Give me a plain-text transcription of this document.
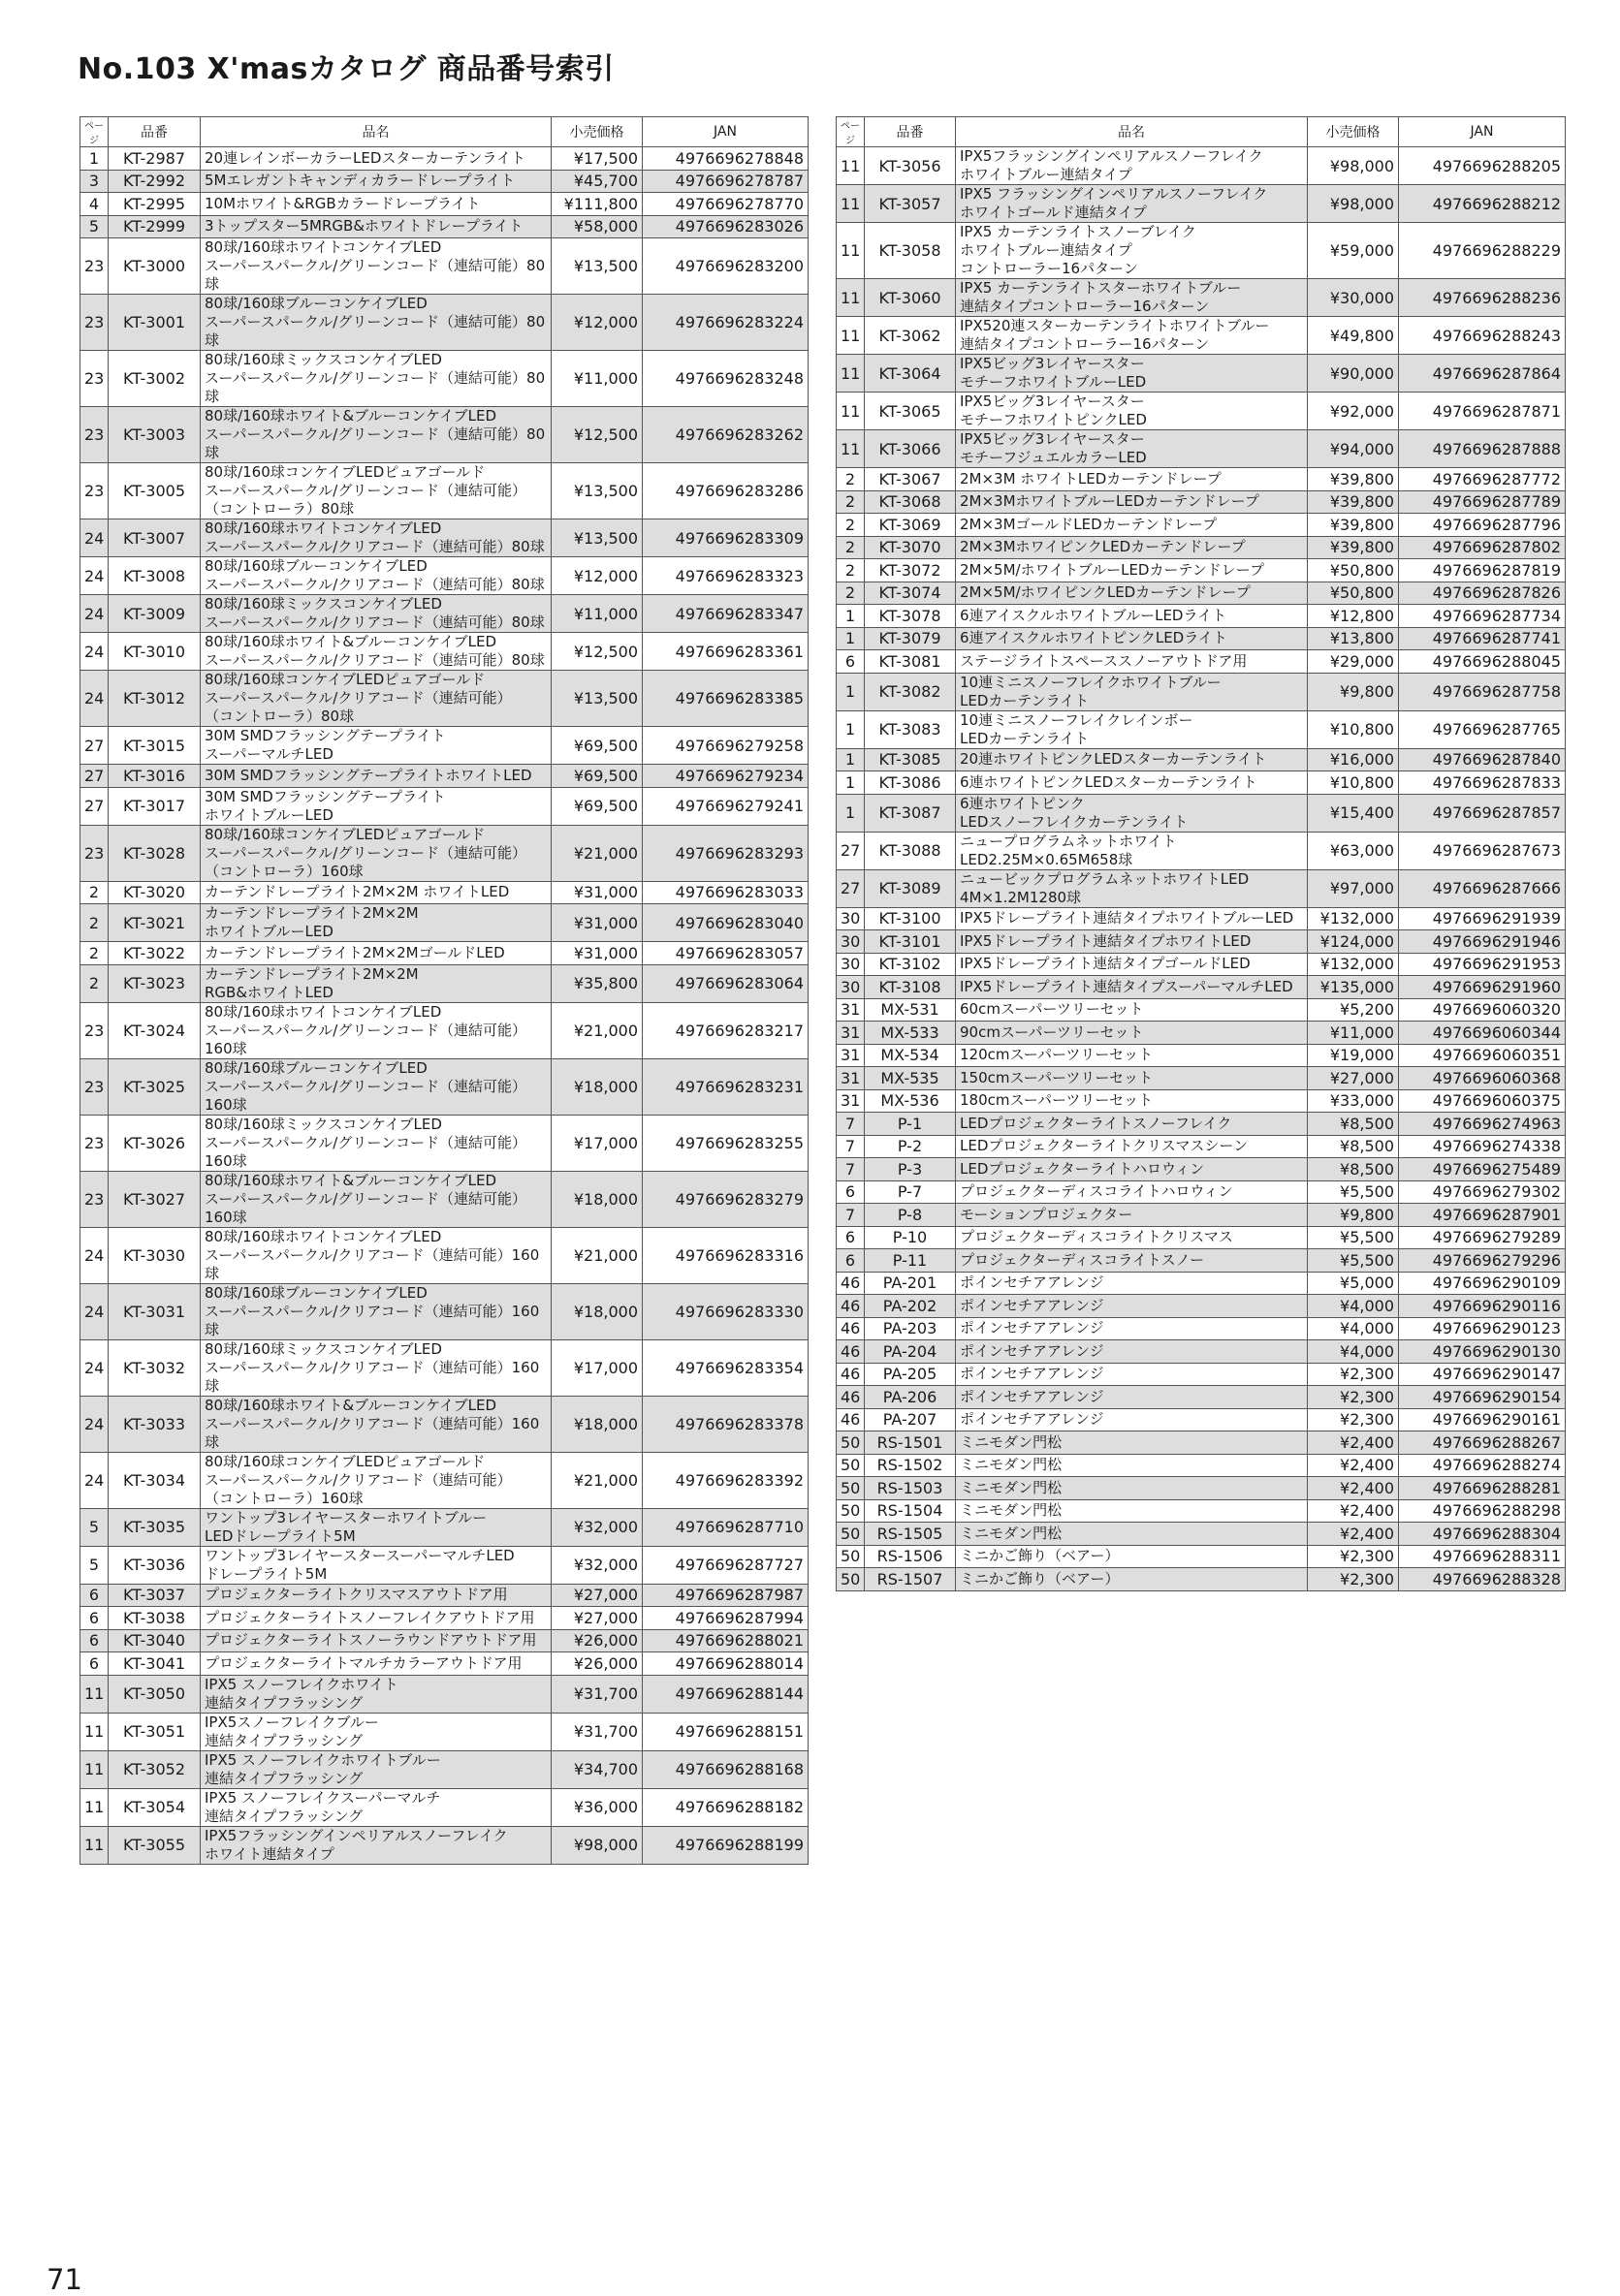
No.103 X'masカタログ 商品番号索引
ページ	品番	品名	小売価格	JAN
1	KT-2987	20連レインボーカラーLEDスターカーテンライト	¥17,500	4976696278848
3	KT-2992	5Mエレガントキャンディカラードレープライト	¥45,700	4976696278787
4	KT-2995	10Mホワイト&RGBカラードレープライト	¥111,800	4976696278770
5	KT-2999	3トップスター5MRGB&ホワイトドレープライト	¥58,000	4976696283026
23	KT-3000	80球/160球ホワイトコンケイブLED
スーパースパークル/グリーンコード（連結可能）80球	¥13,500	4976696283200
23	KT-3001	80球/160球ブルーコンケイブLED
スーパースパークル/グリーンコード（連結可能）80球	¥12,000	4976696283224
23	KT-3002	80球/160球ミックスコンケイブLED
スーパースパークル/グリーンコード（連結可能）80球	¥11,000	4976696283248
23	KT-3003	80球/160球ホワイト&ブルーコンケイブLED
スーパースパークル/グリーンコード（連結可能）80球	¥12,500	4976696283262
23	KT-3005	80球/160球コンケイブLEDピュアゴールド
スーパースパークル/グリーンコード（連結可能）
（コントローラ）80球	¥13,500	4976696283286
24	KT-3007	80球/160球ホワイトコンケイブLED
スーパースパークル/クリアコード（連結可能）80球	¥13,500	4976696283309
24	KT-3008	80球/160球ブルーコンケイブLED
スーパースパークル/クリアコード（連結可能）80球	¥12,000	4976696283323
24	KT-3009	80球/160球ミックスコンケイブLED
スーパースパークル/クリアコード（連結可能）80球	¥11,000	4976696283347
24	KT-3010	80球/160球ホワイト&ブルーコンケイブLED
スーパースパークル/クリアコード（連結可能）80球	¥12,500	4976696283361
24	KT-3012	80球/160球コンケイブLEDピュアゴールド
スーパースパークル/クリアコード（連結可能）
（コントローラ）80球	¥13,500	4976696283385
27	KT-3015	30M SMDフラッシングテープライト
スーパーマルチLED	¥69,500	4976696279258
27	KT-3016	30M SMDフラッシングテープライトホワイトLED	¥69,500	4976696279234
27	KT-3017	30M SMDフラッシングテープライト
ホワイトブルーLED	¥69,500	4976696279241
23	KT-3028	80球/160球コンケイブLEDピュアゴールド
スーパースパークル/グリーンコード（連結可能）
（コントローラ）160球	¥21,000	4976696283293
2	KT-3020	カーテンドレープライト2M×2M ホワイトLED	¥31,000	4976696283033
2	KT-3021	カーテンドレープライト2M×2M
ホワイトブルーLED	¥31,000	4976696283040
2	KT-3022	カーテンドレープライト2M×2MゴールドLED	¥31,000	4976696283057
2	KT-3023	カーテンドレープライト2M×2M
RGB&ホワイトLED	¥35,800	4976696283064
23	KT-3024	80球/160球ホワイトコンケイブLED
スーパースパークル/グリーンコード（連結可能）160球	¥21,000	4976696283217
23	KT-3025	80球/160球ブルーコンケイブLED
スーパースパークル/グリーンコード（連結可能）160球	¥18,000	4976696283231
23	KT-3026	80球/160球ミックスコンケイブLED
スーパースパークル/グリーンコード（連結可能）160球	¥17,000	4976696283255
23	KT-3027	80球/160球ホワイト&ブルーコンケイブLED
スーパースパークル/グリーンコード（連結可能）160球	¥18,000	4976696283279
24	KT-3030	80球/160球ホワイトコンケイブLED
スーパースパークル/クリアコード（連結可能）160球	¥21,000	4976696283316
24	KT-3031	80球/160球ブルーコンケイブLED
スーパースパークル/クリアコード（連結可能）160球	¥18,000	4976696283330
24	KT-3032	80球/160球ミックスコンケイブLED
スーパースパークル/クリアコード（連結可能）160球	¥17,000	4976696283354
24	KT-3033	80球/160球ホワイト&ブルーコンケイブLED
スーパースパークル/クリアコード（連結可能）160球	¥18,000	4976696283378
24	KT-3034	80球/160球コンケイブLEDピュアゴールド
スーパースパークル/クリアコード（連結可能）
（コントローラ）160球	¥21,000	4976696283392
5	KT-3035	ワントップ3レイヤースターホワイトブルー
LEDドレープライト5M	¥32,000	4976696287710
5	KT-3036	ワントップ3レイヤースタースーパーマルチLED
ドレープライト5M	¥32,000	4976696287727
6	KT-3037	プロジェクターライトクリスマスアウトドア用	¥27,000	4976696287987
6	KT-3038	プロジェクターライトスノーフレイクアウトドア用	¥27,000	4976696287994
6	KT-3040	プロジェクターライトスノーラウンドアウトドア用	¥26,000	4976696288021
6	KT-3041	プロジェクターライトマルチカラーアウトドア用	¥26,000	4976696288014
11	KT-3050	IPX5 スノーフレイクホワイト
連結タイプフラッシング	¥31,700	4976696288144
11	KT-3051	IPX5スノーフレイクブルー
連結タイプフラッシング	¥31,700	4976696288151
11	KT-3052	IPX5 スノーフレイクホワイトブルー
連結タイプフラッシング	¥34,700	4976696288168
11	KT-3054	IPX5 スノーフレイクスーパーマルチ
連結タイプフラッシング	¥36,000	4976696288182
11	KT-3055	IPX5フラッシングインペリアルスノーフレイク
ホワイト連結タイプ	¥98,000	4976696288199
ページ	品番	品名	小売価格	JAN
11	KT-3056	IPX5フラッシングインペリアルスノーフレイク
ホワイトブルー連結タイプ	¥98,000	4976696288205
11	KT-3057	IPX5 フラッシングインペリアルスノーフレイク
ホワイトゴールド連結タイプ	¥98,000	4976696288212
11	KT-3058	IPX5 カーテンライトスノーブレイク
ホワイトブルー連結タイプ
コントローラー16パターン	¥59,000	4976696288229
11	KT-3060	IPX5 カーテンライトスターホワイトブルー
連結タイプコントローラー16パターン	¥30,000	4976696288236
11	KT-3062	IPX520連スターカーテンライトホワイトブルー
連結タイプコントローラー16パターン	¥49,800	4976696288243
11	KT-3064	IPX5ビッグ3レイヤースター
モチーフホワイトブルーLED	¥90,000	4976696287864
11	KT-3065	IPX5ビッグ3レイヤースター
モチーフホワイトピンクLED	¥92,000	4976696287871
11	KT-3066	IPX5ビッグ3レイヤースター
モチーフジュエルカラーLED	¥94,000	4976696287888
2	KT-3067	2M×3M ホワイトLEDカーテンドレープ	¥39,800	4976696287772
2	KT-3068	2M×3MホワイトブルーLEDカーテンドレープ	¥39,800	4976696287789
2	KT-3069	2M×3MゴールドLEDカーテンドレープ	¥39,800	4976696287796
2	KT-3070	2M×3MホワイピンクLEDカーテンドレープ	¥39,800	4976696287802
2	KT-3072	2M×5M/ホワイトブルーLEDカーテンドレープ	¥50,800	4976696287819
2	KT-3074	2M×5M/ホワイピンクLEDカーテンドレープ	¥50,800	4976696287826
1	KT-3078	6連アイスクルホワイトブルーLEDライト	¥12,800	4976696287734
1	KT-3079	6連アイスクルホワイトピンクLEDライト	¥13,800	4976696287741
6	KT-3081	ステージライトスペーススノーアウトドア用	¥29,000	4976696288045
1	KT-3082	10連ミニスノーフレイクホワイトブルー
LEDカーテンライト	¥9,800	4976696287758
1	KT-3083	10連ミニスノーフレイクレインボー
LEDカーテンライト	¥10,800	4976696287765
1	KT-3085	20連ホワイトピンクLEDスターカーテンライト	¥16,000	4976696287840
1	KT-3086	6連ホワイトピンクLEDスターカーテンライト	¥10,800	4976696287833
1	KT-3087	6連ホワイトピンク
LEDスノーフレイクカーテンライト	¥15,400	4976696287857
27	KT-3088	ニュープログラムネットホワイト
LED2.25M×0.65M658球	¥63,000	4976696287673
27	KT-3089	ニュービックプログラムネットホワイトLED
4M×1.2M1280球	¥97,000	4976696287666
30	KT-3100	IPX5ドレープライト連結タイプホワイトブルーLED	¥132,000	4976696291939
30	KT-3101	IPX5ドレープライト連結タイプホワイトLED	¥124,000	4976696291946
30	KT-3102	IPX5ドレープライト連結タイプゴールドLED	¥132,000	4976696291953
30	KT-3108	IPX5ドレープライト連結タイプスーパーマルチLED	¥135,000	4976696291960
31	MX-531	60cmスーパーツリーセット	¥5,200	4976696060320
31	MX-533	90cmスーパーツリーセット	¥11,000	4976696060344
31	MX-534	120cmスーパーツリーセット	¥19,000	4976696060351
31	MX-535	150cmスーパーツリーセット	¥27,000	4976696060368
31	MX-536	180cmスーパーツリーセット	¥33,000	4976696060375
7	P-1	LEDプロジェクターライトスノーフレイク	¥8,500	4976696274963
7	P-2	LEDプロジェクターライトクリスマスシーン	¥8,500	4976696274338
7	P-3	LEDプロジェクターライトハロウィン	¥8,500	4976696275489
6	P-7	プロジェクターディスコライトハロウィン	¥5,500	4976696279302
7	P-8	モーションプロジェクター	¥9,800	4976696287901
6	P-10	プロジェクターディスコライトクリスマス	¥5,500	4976696279289
6	P-11	プロジェクターディスコライトスノー	¥5,500	4976696279296
46	PA-201	ポインセチアアレンジ	¥5,000	4976696290109
46	PA-202	ポインセチアアレンジ	¥4,000	4976696290116
46	PA-203	ポインセチアアレンジ	¥4,000	4976696290123
46	PA-204	ポインセチアアレンジ	¥4,000	4976696290130
46	PA-205	ポインセチアアレンジ	¥2,300	4976696290147
46	PA-206	ポインセチアアレンジ	¥2,300	4976696290154
46	PA-207	ポインセチアアレンジ	¥2,300	4976696290161
50	RS-1501	ミニモダン門松	¥2,400	4976696288267
50	RS-1502	ミニモダン門松	¥2,400	4976696288274
50	RS-1503	ミニモダン門松	¥2,400	4976696288281
50	RS-1504	ミニモダン門松	¥2,400	4976696288298
50	RS-1505	ミニモダン門松	¥2,400	4976696288304
50	RS-1506	ミニかご飾り（ベアー）	¥2,300	4976696288311
50	RS-1507	ミニかご飾り（ベアー）	¥2,300	4976696288328
71
